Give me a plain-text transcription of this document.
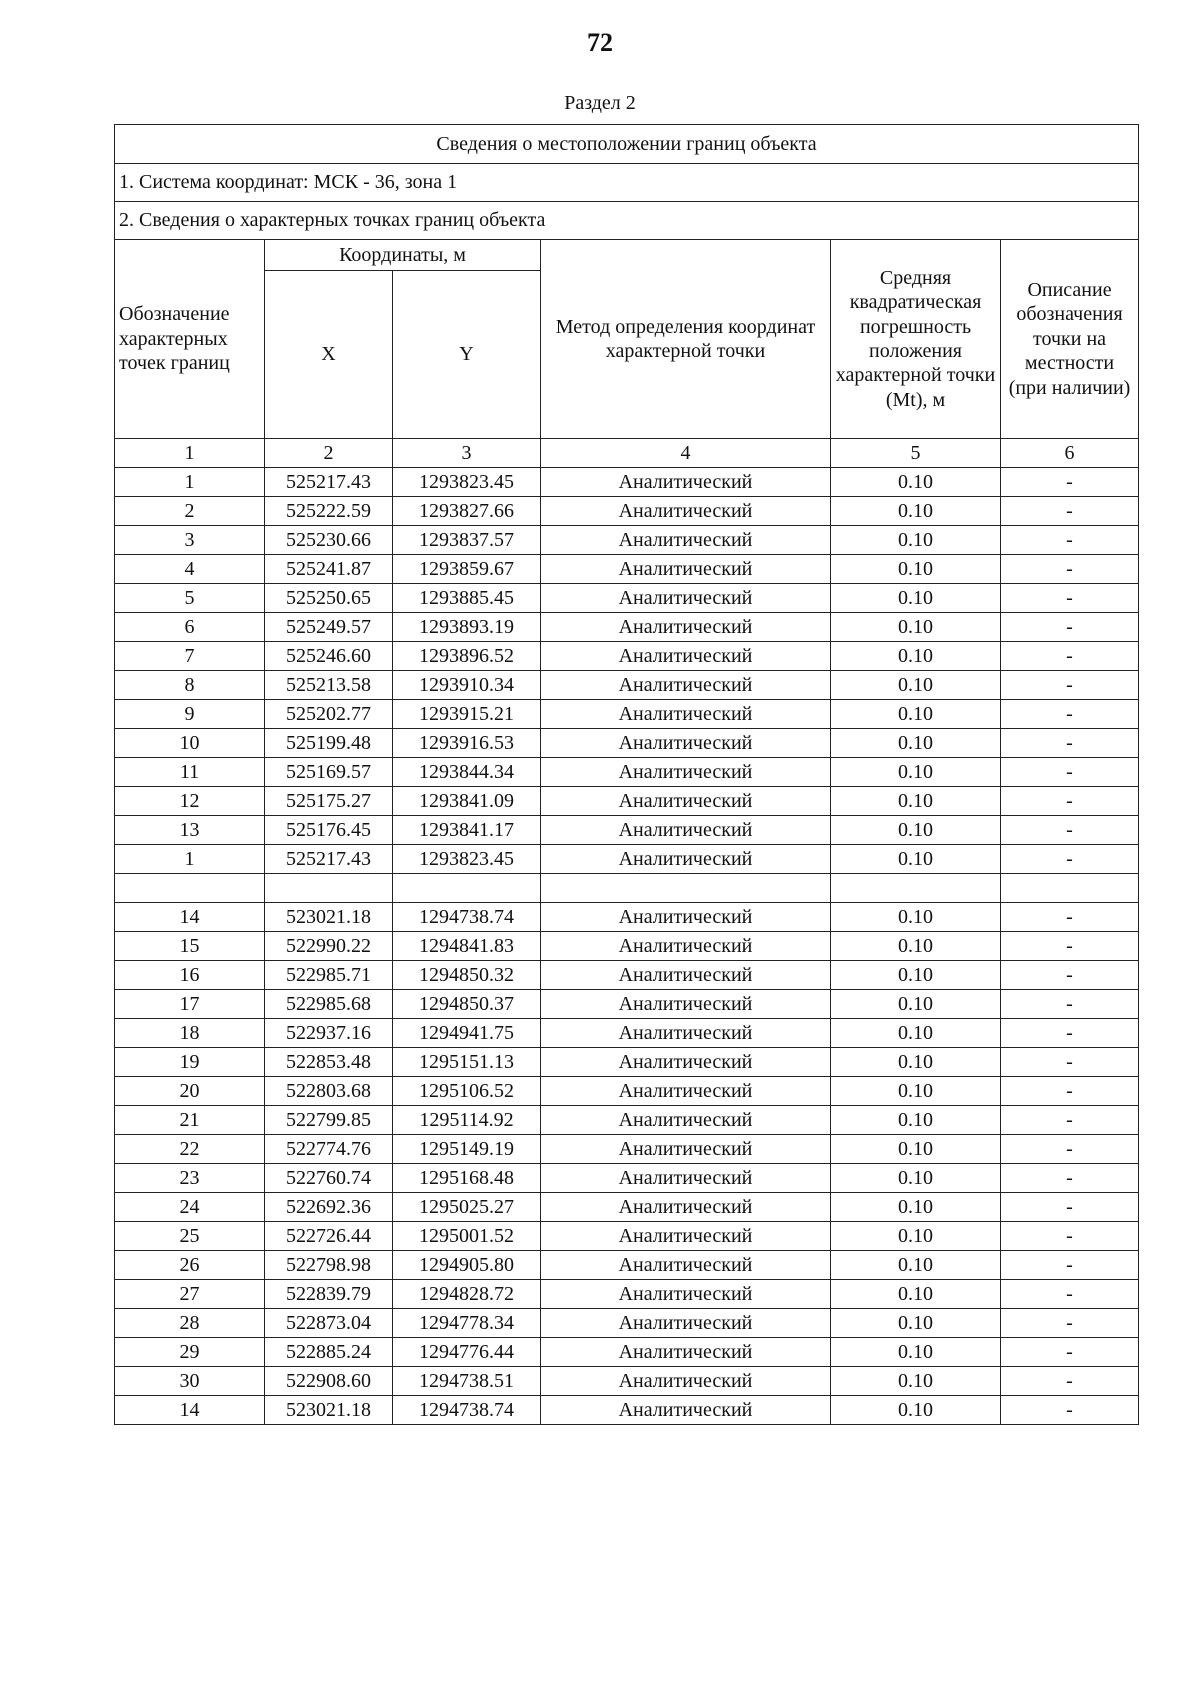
72
Раздел 2
Сведения о местоположении границ объекта					
1. Система координат: МСК - 36, зона 1					
2. Сведения о характерных точках границ объекта					
Обозначение характерных точек границ	Координаты, м		Метод определения координат характерной точки	Средняя квадратическая погрешность положения характерной точки (Mt), м	Описание обозначения точки на местности (при наличии)
	X	Y			
1	2	3	4	5	6
1	525217.43	1293823.45	Аналитический	0.10	-
2	525222.59	1293827.66	Аналитический	0.10	-
3	525230.66	1293837.57	Аналитический	0.10	-
4	525241.87	1293859.67	Аналитический	0.10	-
5	525250.65	1293885.45	Аналитический	0.10	-
6	525249.57	1293893.19	Аналитический	0.10	-
7	525246.60	1293896.52	Аналитический	0.10	-
8	525213.58	1293910.34	Аналитический	0.10	-
9	525202.77	1293915.21	Аналитический	0.10	-
10	525199.48	1293916.53	Аналитический	0.10	-
11	525169.57	1293844.34	Аналитический	0.10	-
12	525175.27	1293841.09	Аналитический	0.10	-
13	525176.45	1293841.17	Аналитический	0.10	-
1	525217.43	1293823.45	Аналитический	0.10	-

14	523021.18	1294738.74	Аналитический	0.10	-
15	522990.22	1294841.83	Аналитический	0.10	-
16	522985.71	1294850.32	Аналитический	0.10	-
17	522985.68	1294850.37	Аналитический	0.10	-
18	522937.16	1294941.75	Аналитический	0.10	-
19	522853.48	1295151.13	Аналитический	0.10	-
20	522803.68	1295106.52	Аналитический	0.10	-
21	522799.85	1295114.92	Аналитический	0.10	-
22	522774.76	1295149.19	Аналитический	0.10	-
23	522760.74	1295168.48	Аналитический	0.10	-
24	522692.36	1295025.27	Аналитический	0.10	-
25	522726.44	1295001.52	Аналитический	0.10	-
26	522798.98	1294905.80	Аналитический	0.10	-
27	522839.79	1294828.72	Аналитический	0.10	-
28	522873.04	1294778.34	Аналитический	0.10	-
29	522885.24	1294776.44	Аналитический	0.10	-
30	522908.60	1294738.51	Аналитический	0.10	-
14	523021.18	1294738.74	Аналитический	0.10	-
